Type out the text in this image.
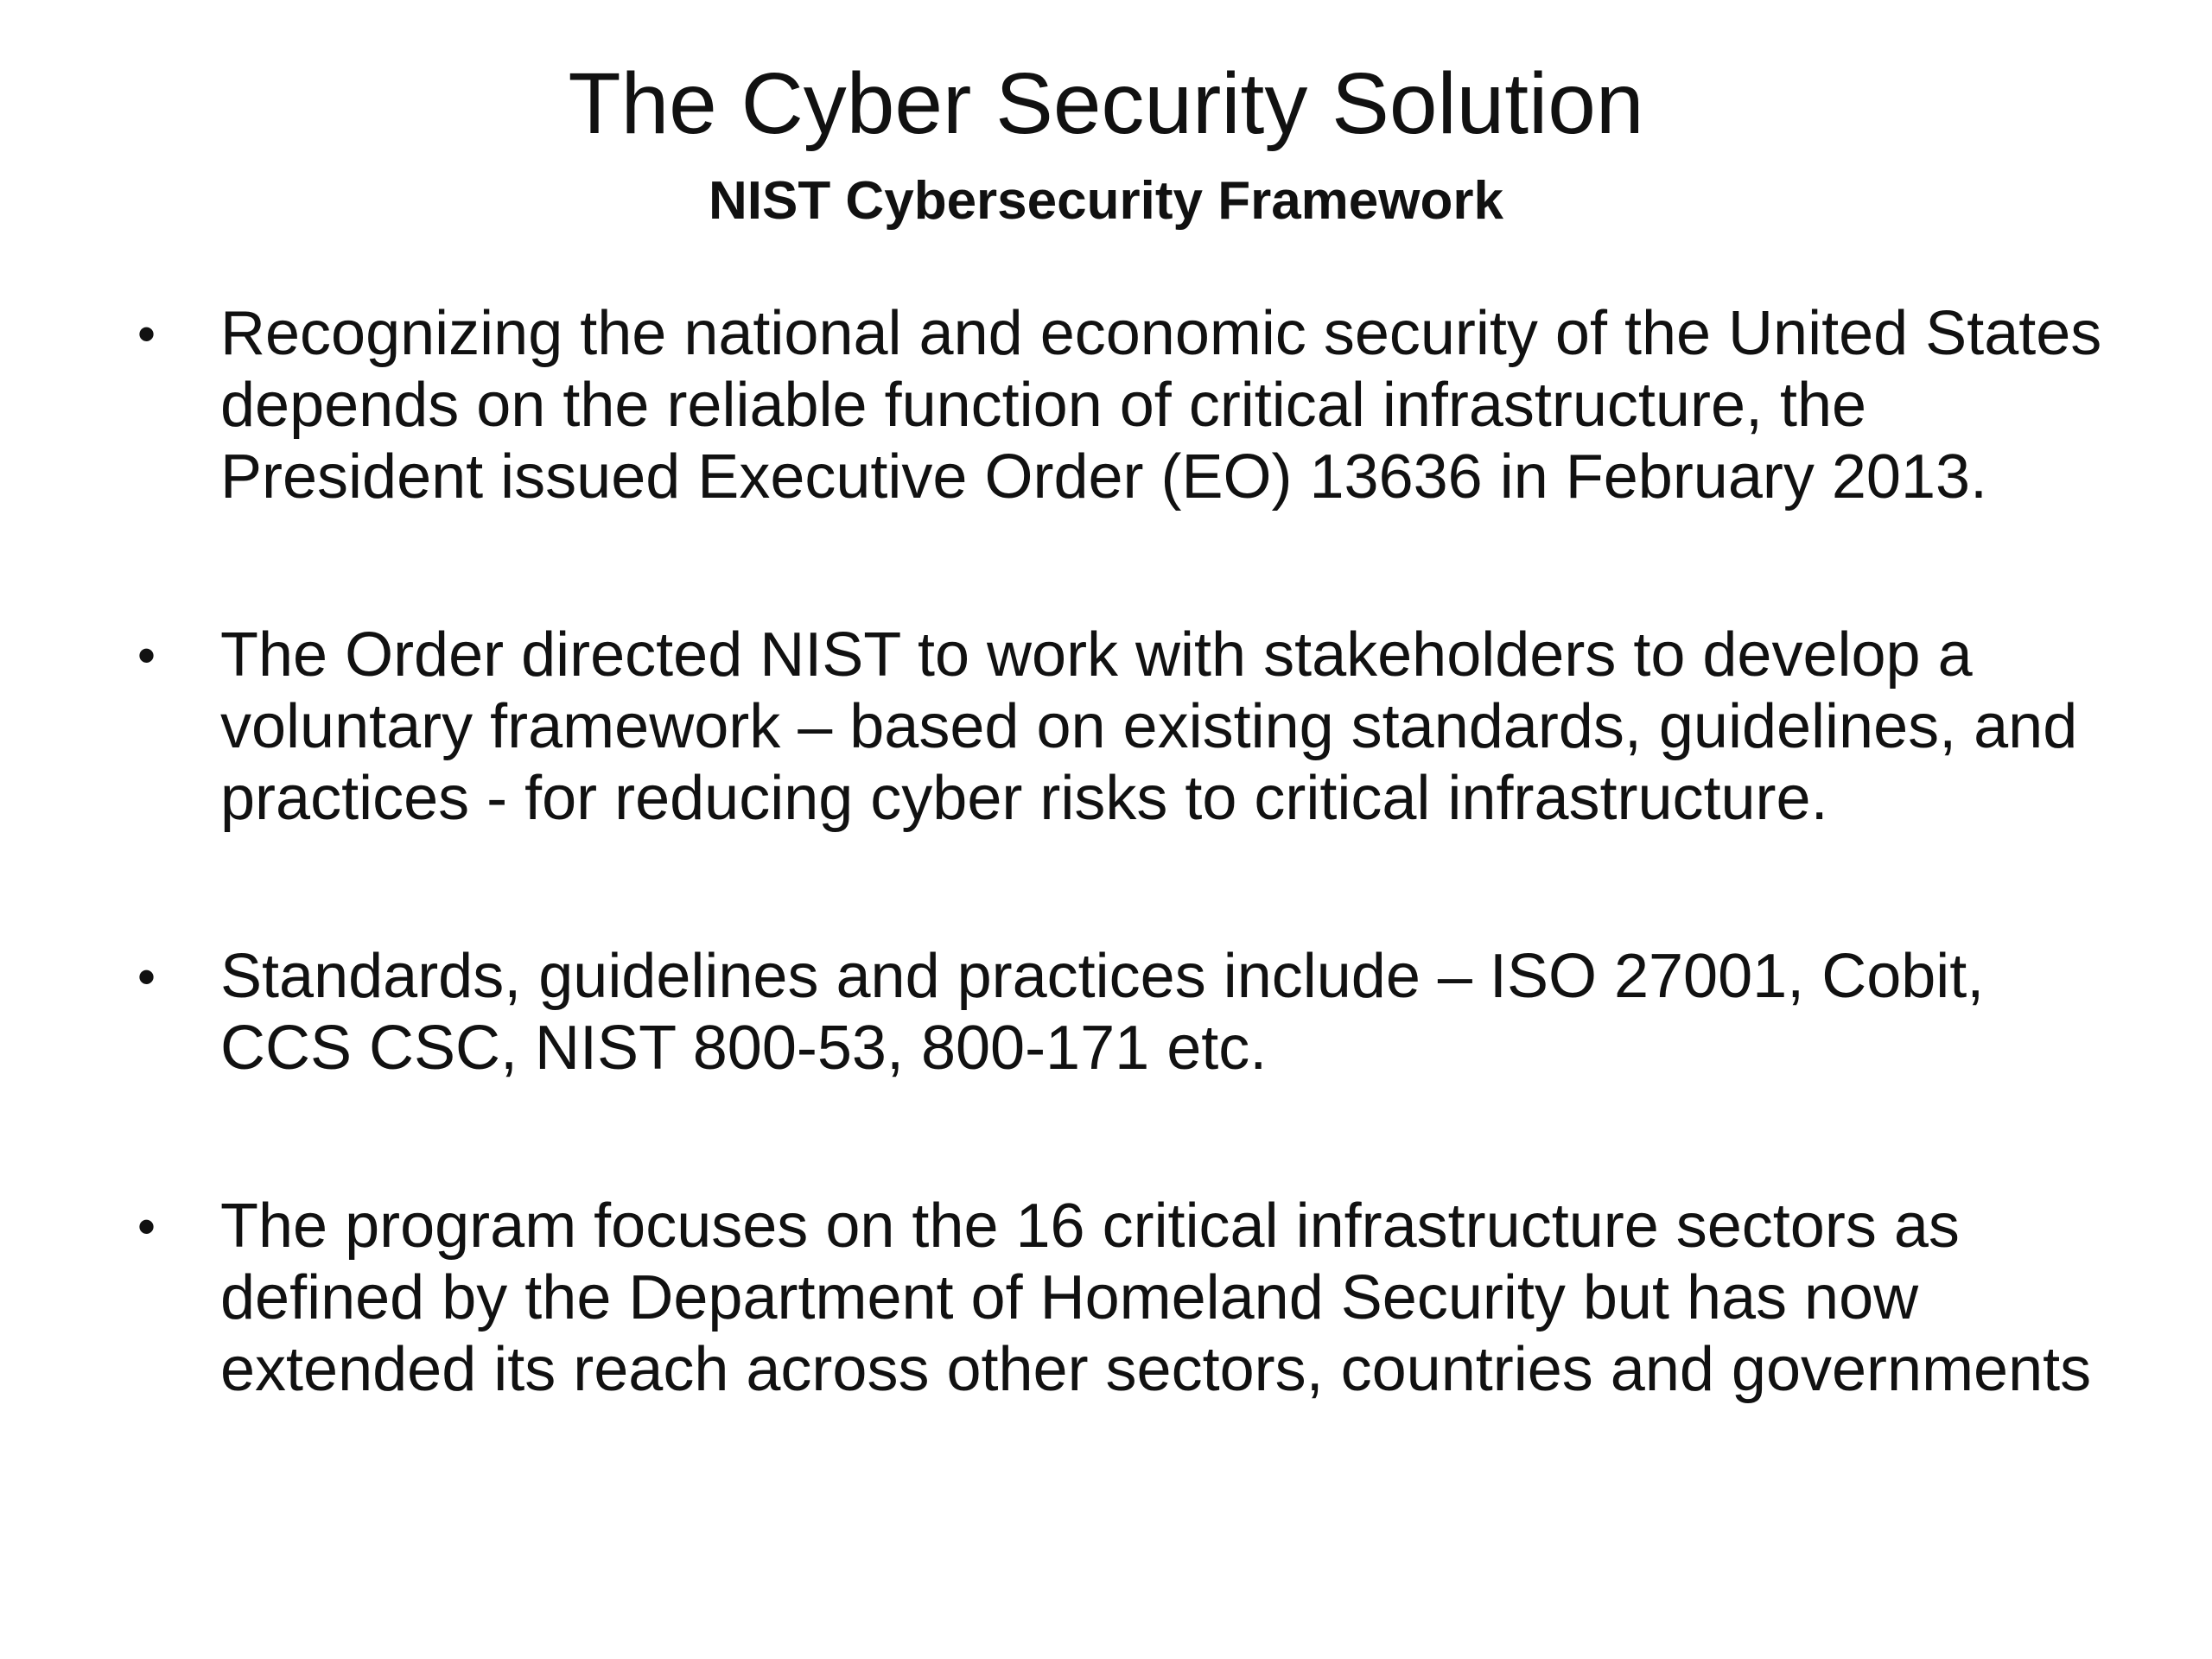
The Cyber Security Solution
NIST Cybersecurity Framework
• Recognizing the national and economic security of the United States depends on the reliable function of critical infrastructure, the President issued Executive Order (EO) 13636 in February 2013.
• The Order directed NIST to work with stakeholders to develop a voluntary framework – based on existing standards, guidelines, and practices - for reducing cyber risks to critical infrastructure.
• Standards, guidelines and practices include – ISO 27001, Cobit, CCS CSC, NIST 800-53, 800-171 etc.
• The program focuses on the 16 critical infrastructure sectors as defined by the Department of Homeland Security but has now extended its reach across other sectors, countries and governments
